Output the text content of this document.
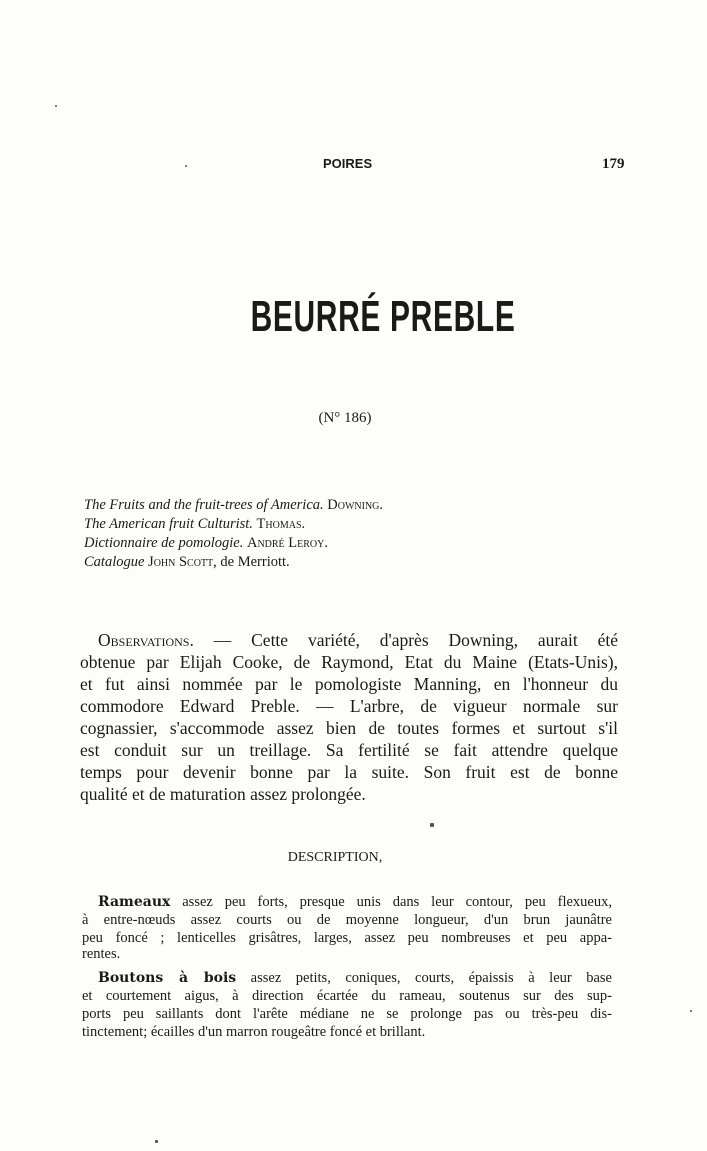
POIRES	179
BEURRÉ PREBLE
(N° 186)
The Fruits and the fruit-trees of America. Downing.
The American fruit Culturist. Thomas.
Dictionnaire de pomologie. André Leroy.
Catalogue John Scott, de Merriott.
Observations. — Cette variété, d'après Downing, aurait été
obtenue par Elijah Cooke, de Raymond, Etat du Maine (Etats-Unis),
et fut ainsi nommée par le pomologiste Manning, en l'honneur du
commodore Edward Preble. — L'arbre, de vigueur normale sur
cognassier, s'accommode assez bien de toutes formes et surtout s'il
est conduit sur un treillage. Sa fertilité se fait attendre quelque
temps pour devenir bonne par la suite. Son fruit est de bonne
qualité et de maturation assez prolongée.
DESCRIPTION,
Rameaux assez peu forts, presque unis dans leur contour, peu flexueux,
à entre-nœuds assez courts ou de moyenne longueur, d'un brun jaunâtre
peu foncé ; lenticelles grisâtres, larges, assez peu nombreuses et peu appa-
rentes.
Boutons à bois assez petits, coniques, courts, épaissis à leur base
et courtement aigus, à direction écartée du rameau, soutenus sur des sup-
ports peu saillants dont l'arête médiane ne se prolonge pas ou très-peu dis-
tinctement; écailles d'un marron rougeâtre foncé et brillant.
